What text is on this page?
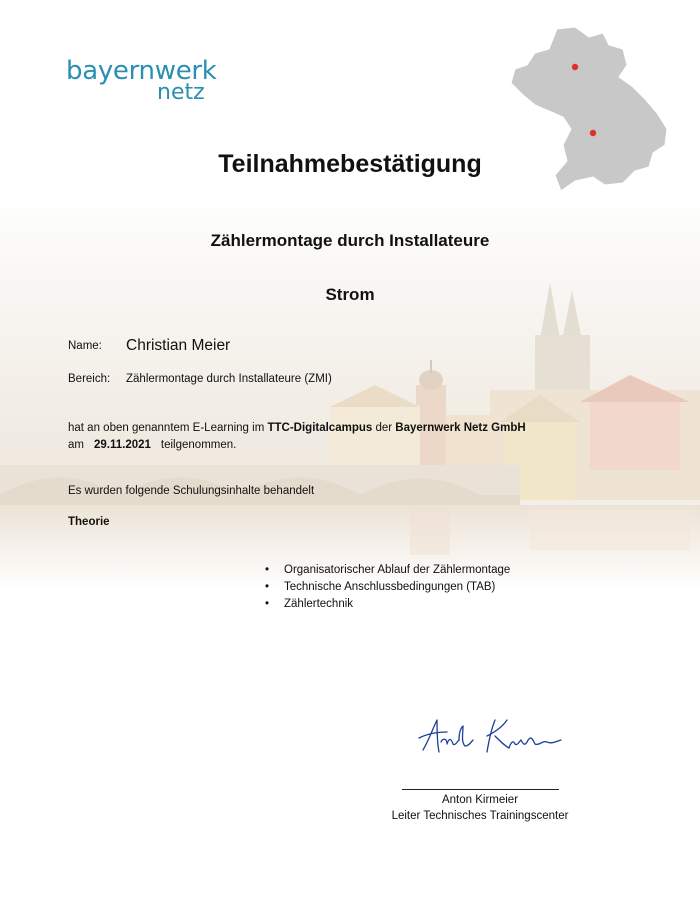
bayernwerk
netz
Teilnahmebestätigung
Zählermontage durch Installateure
Strom
Name: Christian Meier
Bereich: Zählermontage durch Installateure (ZMI)
hat an oben genanntem E-Learning im TTC-Digitalcampus der Bayernwerk Netz GmbH
am 29.11.2021 teilgenommen.
Es wurden folgende Schulungsinhalte behandelt
Theorie
• Organisatorischer Ablauf der Zählermontage
• Technische Anschlussbedingungen (TAB)
• Zählertechnik
Anton Kirmeier
Leiter Technisches Trainingscenter
